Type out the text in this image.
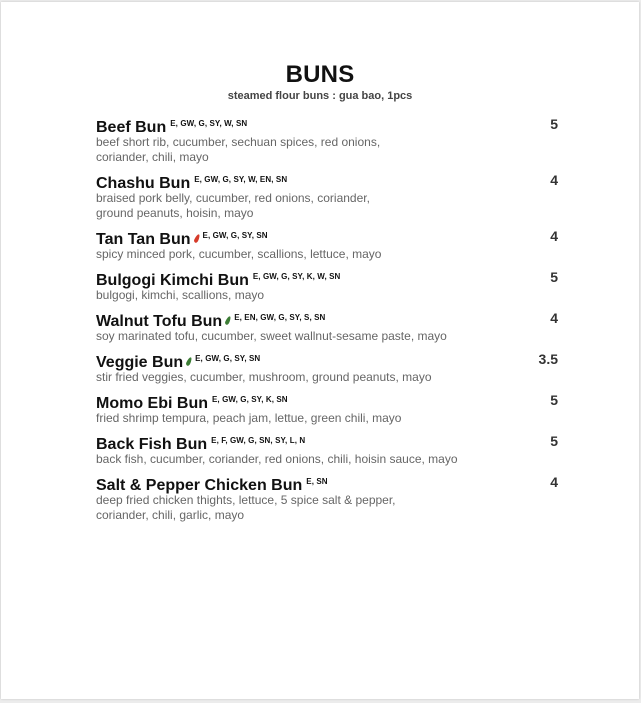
BUNS
steamed flour buns : gua bao, 1pcs
Beef Bun $^{E, GW, G, SY, W, SN}$	5
beef short rib, cucumber, sechuan spices, red onions,
coriander, chili, mayo
Chashu Bun $^{E, GW, G, SY, W, EN, SN}$	4
braised pork belly, cucumber, red onions, coriander,
ground peanuts, hoisin, mayo
Tan Tan Bun $^{E, GW, G, SY, SN}$	4
spicy minced pork, cucumber, scallions, lettuce, mayo
Bulgogi Kimchi Bun $^{E, GW, G, SY, K, W, SN}$	5
bulgogi, kimchi, scallions, mayo
Walnut Tofu Bun $^{E, EN, GW, G, SY, S, SN}$	4
soy marinated tofu, cucumber, sweet wallnut-sesame paste, mayo
Veggie Bun $^{E, GW, G, SY, SN}$	3.5
stir fried veggies, cucumber, mushroom, ground peanuts, mayo
Momo Ebi Bun $^{E, GW, G, SY, K, SN}$	5
fried shrimp tempura, peach jam, lettue, green chili, mayo
Back Fish Bun $^{E, F, GW, G, SN, SY, L, N}$	5
back fish, cucumber, coriander, red onions, chili, hoisin sauce, mayo
Salt & Pepper Chicken Bun $^{E, SN}$	4
deep fried chicken thights, lettuce, 5 spice salt & pepper,
coriander, chili, garlic, mayo
